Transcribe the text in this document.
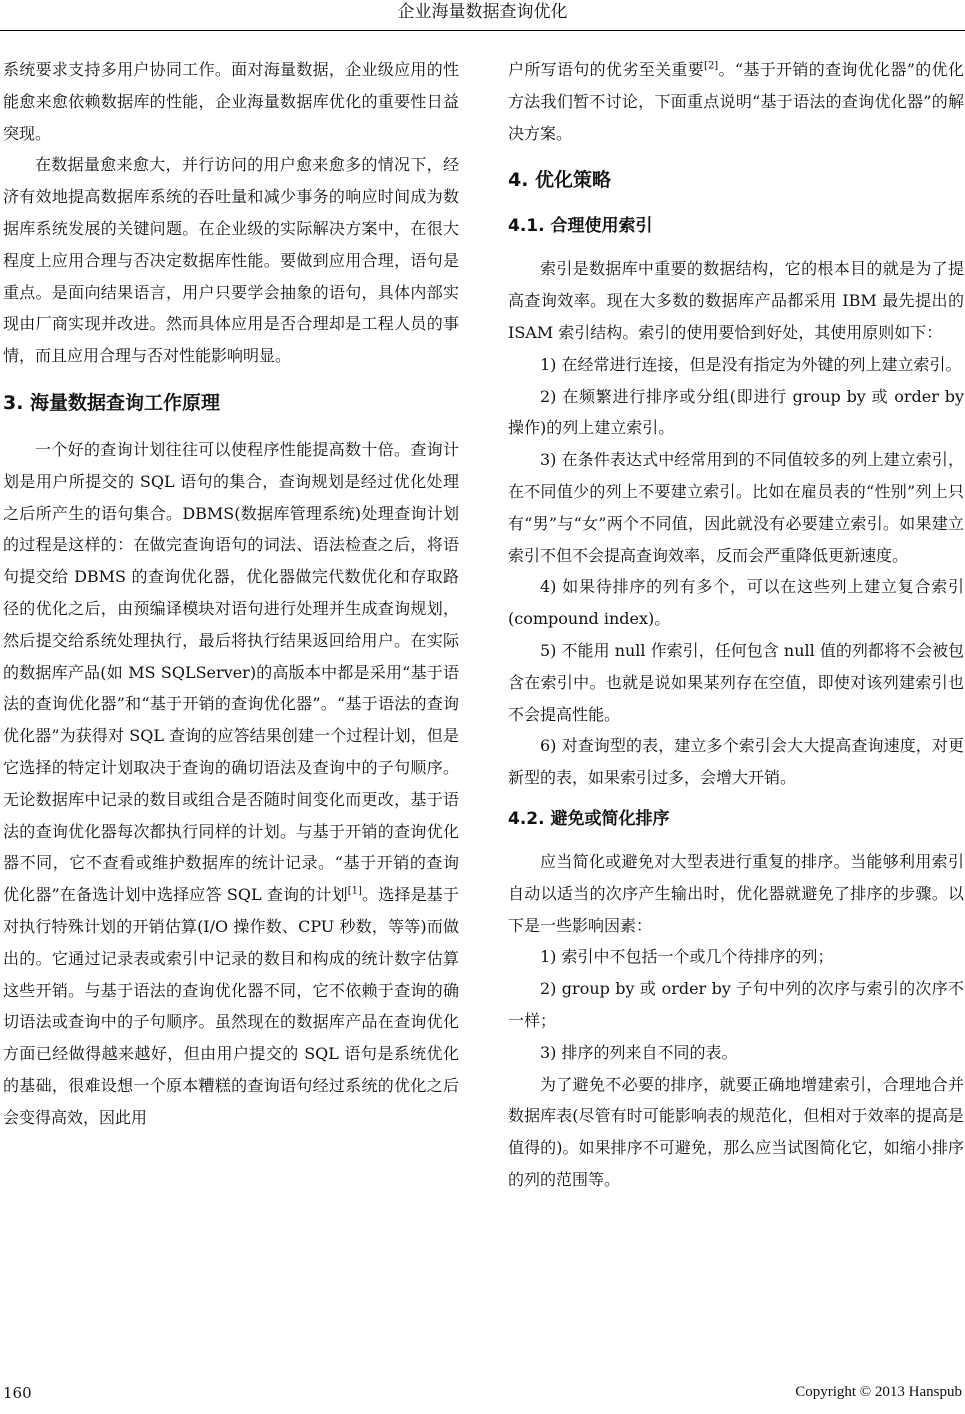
企业海量数据查询优化

系统要求支持多用户协同工作。面对海量数据，企业级应用的性能愈来愈依赖数据库的性能，企业海量数据库优化的重要性日益突现。

在数据量愈来愈大，并行访问的用户愈来愈多的情况下，经济有效地提高数据库系统的吞吐量和减少事务的响应时间成为数据库系统发展的关键问题。在企业级的实际解决方案中，在很大程度上应用合理与否决定数据库性能。要做到应用合理，语句是重点。是面向结果语言，用户只要学会抽象的语句，具体内部实现由厂商实现并改进。然而具体应用是否合理却是工程人员的事情，而且应用合理与否对性能影响明显。

3. 海量数据查询工作原理

一个好的查询计划往往可以使程序性能提高数十倍。查询计划是用户所提交的 SQL 语句的集合，查询规划是经过优化处理之后所产生的语句集合。DBMS(数据库管理系统)处理查询计划的过程是这样的：在做完查询语句的词法、语法检查之后，将语句提交给 DBMS 的查询优化器，优化器做完代数优化和存取路径的优化之后，由预编译模块对语句进行处理并生成查询规划，然后提交给系统处理执行，最后将执行结果返回给用户。在实际的数据库产品(如 MS SQLServer)的高版本中都是采用“基于语法的查询优化器”和“基于开销的查询优化器”。“基于语法的查询优化器”为获得对 SQL 查询的应答结果创建一个过程计划，但是它选择的特定计划取决于查询的确切语法及查询中的子句顺序。无论数据库中记录的数目或组合是否随时间变化而更改，基于语法的查询优化器每次都执行同样的计划。与基于开销的查询优化器不同，它不查看或维护数据库的统计记录。“基于开销的查询优化器”在备选计划中选择应答 SQL 查询的计划[1]。选择是基于对执行特殊计划的开销估算(I/O 操作数、CPU 秒数，等等)而做出的。它通过记录表或索引中记录的数目和构成的统计数字估算这些开销。与基于语法的查询优化器不同，它不依赖于查询的确切语法或查询中的子句顺序。虽然现在的数据库产品在查询优化方面已经做得越来越好，但由用户提交的 SQL 语句是系统优化的基础，很难设想一个原本糟糕的查询语句经过系统的优化之后会变得高效，因此用

户所写语句的优劣至关重要[2]。“基于开销的查询优化器”的优化方法我们暂不讨论，下面重点说明“基于语法的查询优化器”的解决方案。

4. 优化策略

4.1. 合理使用索引

索引是数据库中重要的数据结构，它的根本目的就是为了提高查询效率。现在大多数的数据库产品都采用 IBM 最先提出的 ISAM 索引结构。索引的使用要恰到好处，其使用原则如下：

1) 在经常进行连接，但是没有指定为外键的列上建立索引。

2) 在频繁进行排序或分组(即进行 group by 或 order by 操作)的列上建立索引。

3) 在条件表达式中经常用到的不同值较多的列上建立索引，在不同值少的列上不要建立索引。比如在雇员表的“性别”列上只有“男”与“女”两个不同值，因此就没有必要建立索引。如果建立索引不但不会提高查询效率，反而会严重降低更新速度。

4) 如果待排序的列有多个，可以在这些列上建立复合索引(compound index)。

5) 不能用 null 作索引，任何包含 null 值的列都将不会被包含在索引中。也就是说如果某列存在空值，即使对该列建索引也不会提高性能。

6) 对查询型的表，建立多个索引会大大提高查询速度，对更新型的表，如果索引过多，会增大开销。

4.2. 避免或简化排序

应当简化或避免对大型表进行重复的排序。当能够利用索引自动以适当的次序产生输出时，优化器就避免了排序的步骤。以下是一些影响因素：

1) 索引中不包括一个或几个待排序的列；

2) group by 或 order by 子句中列的次序与索引的次序不一样；

3) 排序的列来自不同的表。

为了避免不必要的排序，就要正确地增建索引，合理地合并数据库表(尽管有时可能影响表的规范化，但相对于效率的提高是值得的)。如果排序不可避免，那么应当试图简化它，如缩小排序的列的范围等。

160	Copyright © 2013 Hanspub
